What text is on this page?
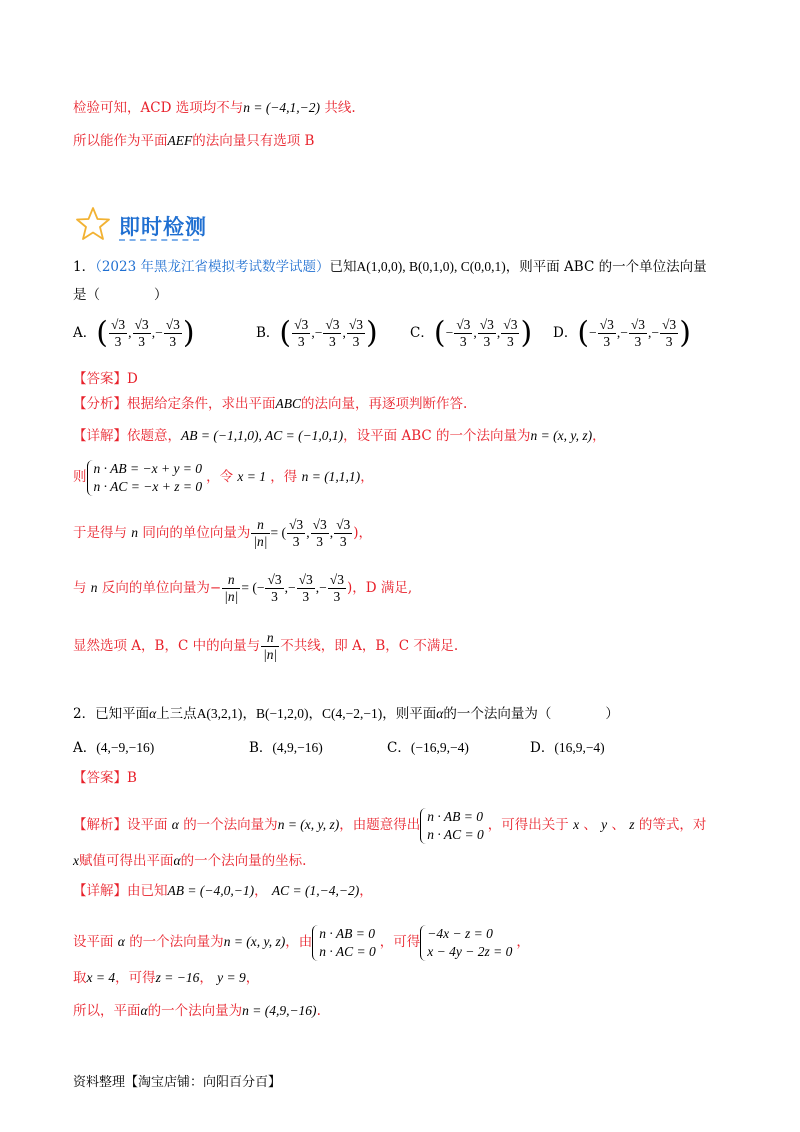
检验可知，ACD 选项均不与n = (−4,1,−2) 共线.
所以能作为平面AEF的法向量只有选项 B
即时检测
1．（2023 年黑龙江省模拟考试数学试题）已知A(1,0,0), B(0,1,0), C(0,0,1)，则平面 ABC 的一个单位法向量
是（　　　　）
A．( $\frac{√3}{3}$ , $\frac{√3}{3}$ ,− $\frac{√3}{3}$ )	B．( $\frac{√3}{3}$ ,− $\frac{√3}{3}$ , $\frac{√3}{3}$ ) C．(− $\frac{√3}{3}$ , $\frac{√3}{3}$ , $\frac{√3}{3}$ ) D．(− $\frac{√3}{3}$ ,− $\frac{√3}{3}$ ,− $\frac{√3}{3}$ )
【答案】D
【分析】根据给定条件，求出平面ABC的法向量，再逐项判断作答.
【详解】依题意，AB = (−1,1,0), AC = (−1,0,1)，设平面 ABC 的一个法向量为n = (x, y, z)，
则
n · AB = −x + y = 0
n · AC = −x + z = 0
，令 x = 1 ，得 n = (1,1,1)，
于是得与 n 同向的单位向量为 $\frac{n}{|n|}$ = ( $\frac{√3}{3}$ , $\frac{√3}{3}$ , $\frac{√3}{3}$ )，
与 n 反向的单位向量为− $\frac{n}{|n|}$ = (− $\frac{√3}{3}$ ,− $\frac{√3}{3}$ ,− $\frac{√3}{3}$ )，D 满足,
显然选项 A，B，C 中的向量与 $\frac{n}{|n|}$ 不共线，即 A，B，C 不满足.
2．已知平面α上三点A(3,2,1)，B(−1,2,0)，C(4,−2,−1)，则平面α的一个法向量为（　　　　）
A．(4,−9,−16)	B．(4,9,−16)	C．(−16,9,−4)	D．(16,9,−4)
【答案】B
【解析】设平面 α 的一个法向量为n = (x, y, z)，由题意得出
n · AB = 0
n · AC = 0
，可得出关于 x 、 y 、 z 的等式，对
x赋值可得出平面α的一个法向量的坐标.
【详解】由已知AB = (−4,0,−1)， AC = (1,−4,−2)，
设平面 α 的一个法向量为n = (x, y, z)，由
n · AB = 0
n · AC = 0
，可得
−4x − z = 0
x − 4y − 2z = 0
，
取x = 4，可得z = −16， y = 9，
所以，平面α的一个法向量为n = (4,9,−16).
资料整理【淘宝店铺：向阳百分百】
